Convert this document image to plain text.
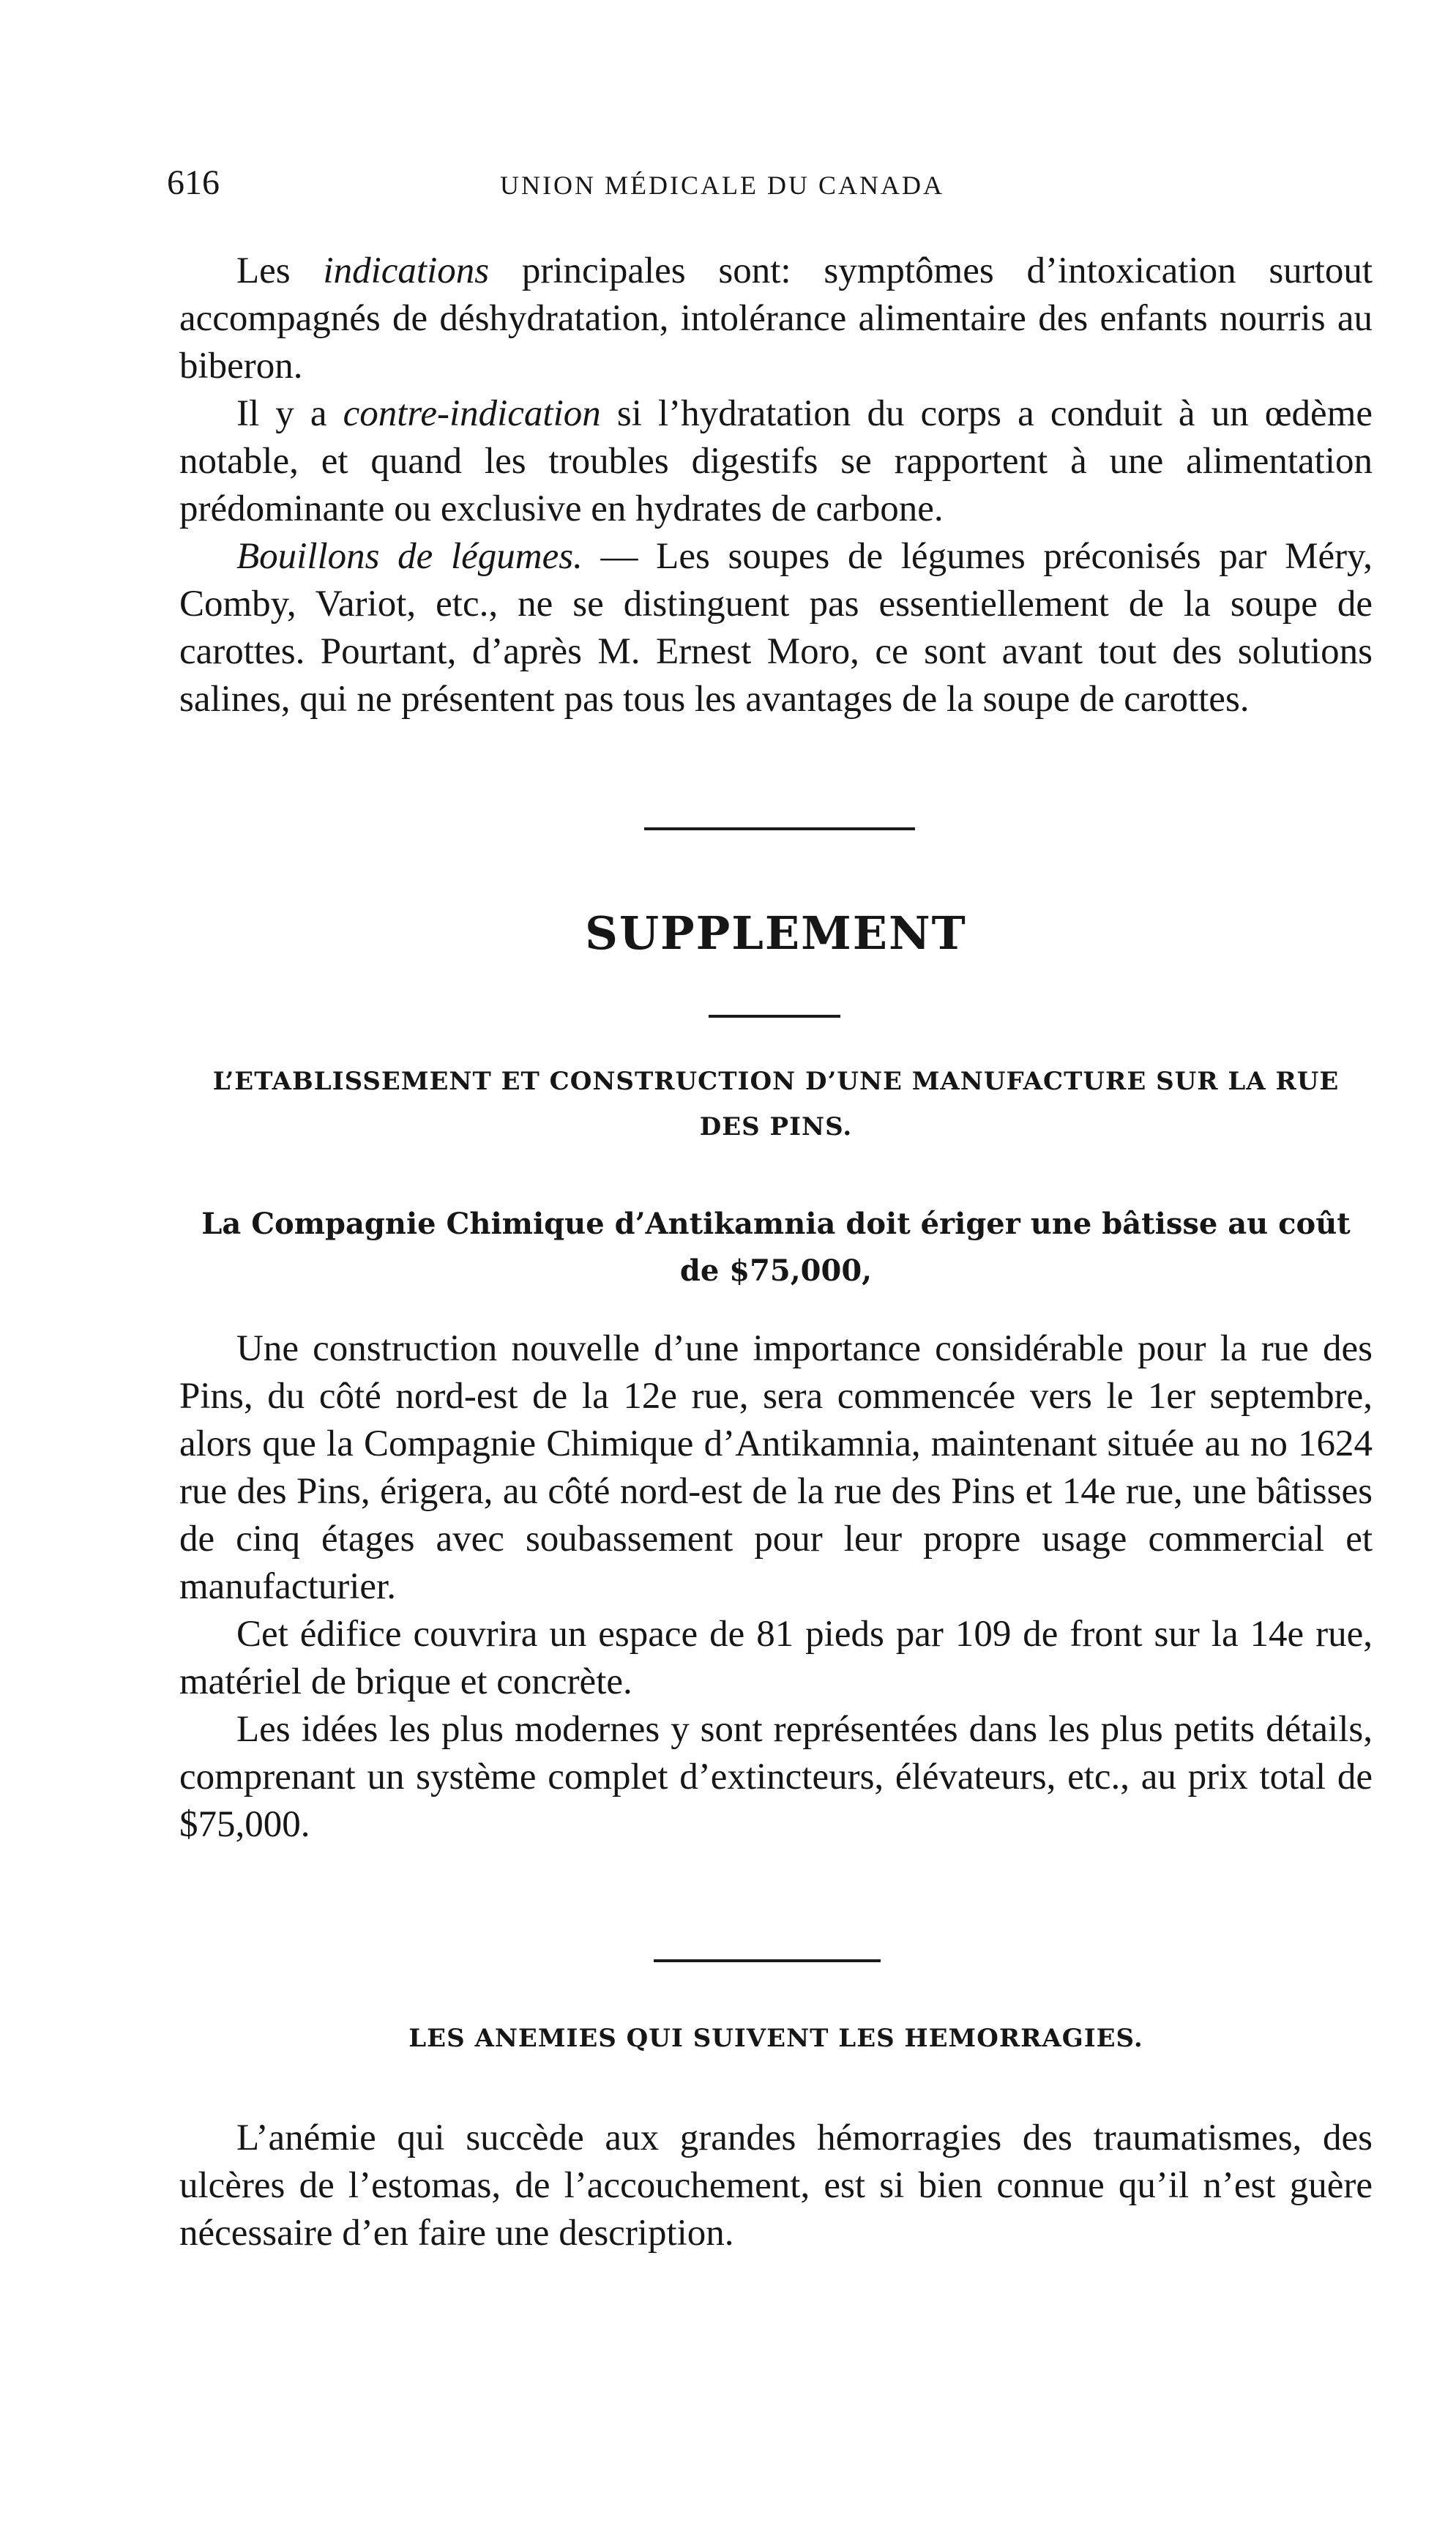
616	UNION MÉDICALE DU CANADA

Les indications principales sont: symptômes d’intoxication surtout accompagnés de déshydratation, intolérance alimentaire des enfants nourris au biberon.

Il y a contre-indication si l’hydratation du corps a conduit à un œdème notable, et quand les troubles digestifs se rapportent à une alimentation prédominante ou exclusive en hydrates de carbone.

Bouillons de légumes. — Les soupes de légumes préconisés par Méry, Comby, Variot, etc., ne se distinguent pas essentiellement de la soupe de carottes. Pourtant, d’après M. Ernest Moro, ce sont avant tout des solutions salines, qui ne présentent pas tous les avantages de la soupe de carottes.

SUPPLEMENT
L’ETABLISSEMENT ET CONSTRUCTION D’UNE MANUFACTURE SUR LA RUE DES PINS.
La Compagnie Chimique d’Antikamnia doit ériger une bâtisse au coût de $75,000,

Une construction nouvelle d’une importance considérable pour la rue des Pins, du côté nord-est de la 12e rue, sera commencée vers le 1er septembre, alors que la Compagnie Chimique d’Antikamnia, maintenant située au no 1624 rue des Pins, érigera, au côté nord-est de la rue des Pins et 14e rue, une bâtisses de cinq étages avec soubassement pour leur propre usage commercial et manufacturier.

Cet édifice couvrira un espace de 81 pieds par 109 de front sur la 14e rue, matériel de brique et concrète.

Les idées les plus modernes y sont représentées dans les plus petits détails, comprenant un système complet d’extincteurs, élévateurs, etc., au prix total de $75,000.

LES ANEMIES QUI SUIVENT LES HEMORRAGIES.

L’anémie qui succède aux grandes hémorragies des traumatismes, des ulcères de l’estomas, de l’accouchement, est si bien connue qu’il n’est guère nécessaire d’en faire une description.
